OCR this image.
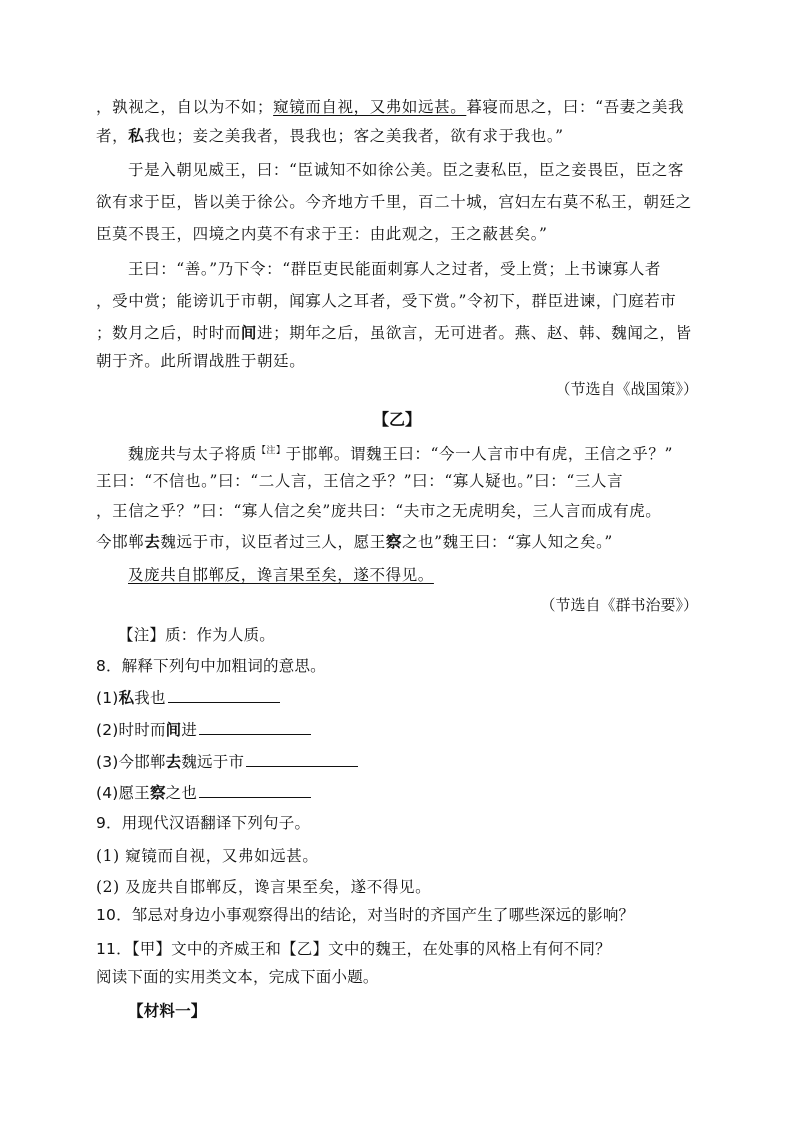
，孰视之，自以为不如；窥镜而自视，又弗如远甚。暮寝而思之，曰：“吾妻之美我
者，私我也；妾之美我者，畏我也；客之美我者，欲有求于我也。”
于是入朝见威王，曰：“臣诚知不如徐公美。臣之妻私臣，臣之妾畏臣，臣之客
欲有求于臣，皆以美于徐公。今齐地方千里，百二十城，宫妇左右莫不私王，朝廷之
臣莫不畏王，四境之内莫不有求于王：由此观之，王之蔽甚矣。”
王曰：“善。”乃下令：“群臣吏民能面刺寡人之过者，受上赏；上书谏寡人者
，受中赏；能谤讥于市朝，闻寡人之耳者，受下赏。”令初下，群臣进谏，门庭若市
；数月之后，时时而间进；期年之后，虽欲言，无可进者。燕、赵、韩、魏闻之，皆
朝于齐。此所谓战胜于朝廷。
（节选自《战国策》）
【乙】
魏庞共与太子将质$^{【注】}$于邯郸。谓魏王曰：“今一人言市中有虎，王信之乎？”
王曰：“不信也。”曰：“二人言，王信之乎？”曰：“寡人疑也。”曰：“三人言
，王信之乎？”曰：“寡人信之矣”庞共曰：“夫市之无虎明矣，三人言而成有虎。
今邯郸去魏远于市，议臣者过三人，愿王察之也”魏王曰：“寡人知之矣。”
及庞共自邯郸反，谗言果至矣，遂不得见。
（节选自《群书治要》）
【注】质：作为人质。
8．解释下列句中加粗词的意思。
(1)私我也
(2)时时而间进
(3)今邯郸去魏远于市
(4)愿王察之也
9．用现代汉语翻译下列句子。
(1) 窥镜而自视，又弗如远甚。
(2) 及庞共自邯郸反，谗言果至矣，遂不得见。
10．邹忌对身边小事观察得出的结论，对当时的齐国产生了哪些深远的影响？
11．【甲】文中的齐威王和【乙】文中的魏王，在处事的风格上有何不同？
阅读下面的实用类文本，完成下面小题。
【材料一】
